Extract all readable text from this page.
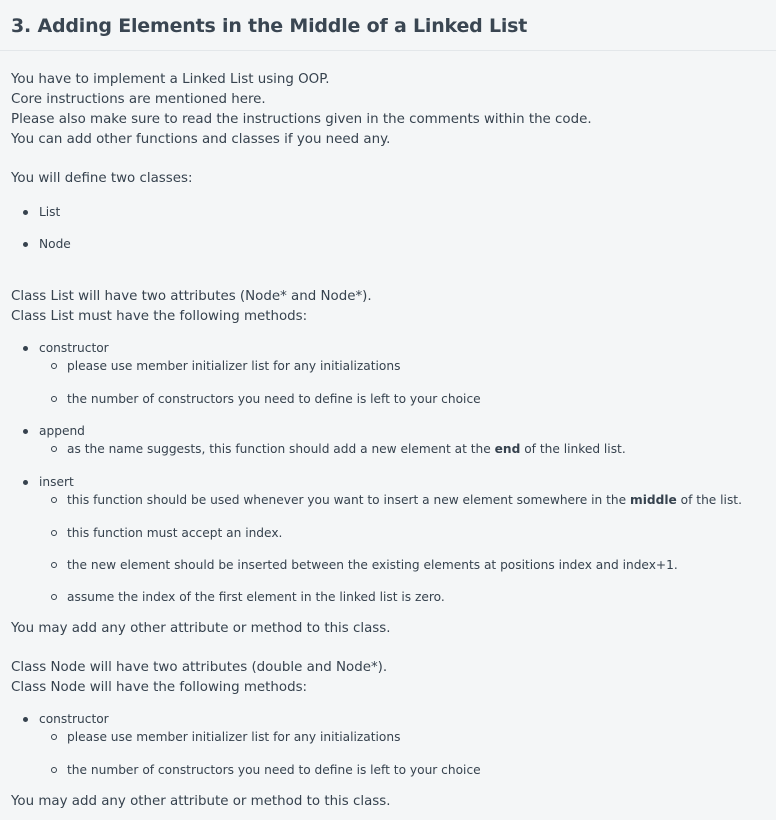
3. Adding Elements in the Middle of a Linked List

You have to implement a Linked List using OOP.

Core instructions are mentioned here.

Please also make sure to read the instructions given in the comments within the code.

You can add other functions and classes if you need any.

You will define two classes:

List
Node

Class List will have two attributes (Node* and Node*).

Class List must have the following methods:

constructor
please use member initializer list for any initializations
the number of constructors you need to define is left to your choice
append
as the name suggests, this function should add a new element at the end of the linked list.
insert
this function should be used whenever you want to insert a new element somewhere in the middle of the list.
this function must accept an index.
the new element should be inserted between the existing elements at positions index and index+1.
assume the index of the first element in the linked list is zero.

You may add any other attribute or method to this class.

Class Node will have two attributes (double and Node*).

Class Node will have the following methods:

constructor
please use member initializer list for any initializations
the number of constructors you need to define is left to your choice

You may add any other attribute or method to this class.
